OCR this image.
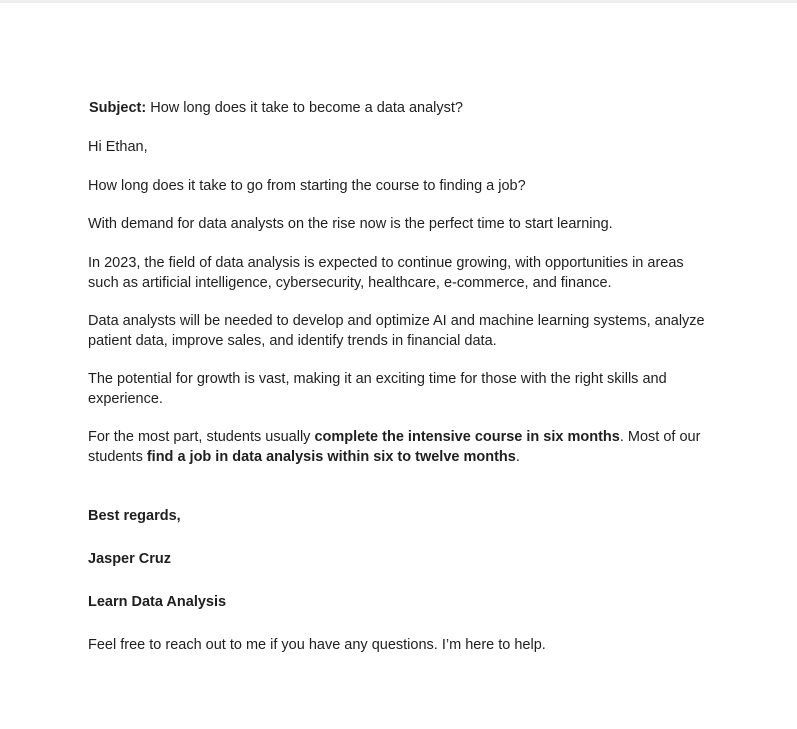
Subject: How long does it take to become a data analyst?

Hi Ethan,

How long does it take to go from starting the course to finding a job?

With demand for data analysts on the rise now is the perfect time to start learning.

In 2023, the field of data analysis is expected to continue growing, with opportunities in areas such as artificial intelligence, cybersecurity, healthcare, e-commerce, and finance.

Data analysts will be needed to develop and optimize AI and machine learning systems, analyze patient data, improve sales, and identify trends in financial data.

The potential for growth is vast, making it an exciting time for those with the right skills and experience.

For the most part, students usually complete the intensive course in six months. Most of our students find a job in data analysis within six to twelve months.

Best regards,

Jasper Cruz

Learn Data Analysis

Feel free to reach out to me if you have any questions. I’m here to help.
